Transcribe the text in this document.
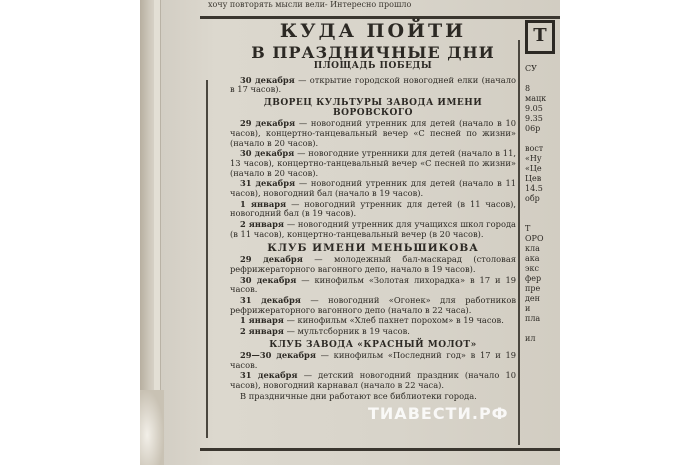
хочу повторять мысли вели- Интересно прошло
КУДА ПОЙТИ
В ПРАЗДНИЧНЫЕ ДНИ
ПЛОЩАДЬ ПОБЕДЫ
30 декабря — открытие городской новогодней елки (начало в 17 часов).
ДВОРЕЦ КУЛЬТУРЫ ЗАВОДА ИМЕНИ ВОРОВСКОГО
29 декабря — новогодний утренник для детей (начало в 10 часов), концертно-танцевальный вечер «С песней по жизни» (начало в 20 часов).
30 декабря — новогодние утренники для детей (начало в 11, 13 часов), концертно-танцевальный вечер «С песней по жизни» (начало в 20 часов).
31 декабря — новогодний утренник для детей (начало в 11 часов), новогодний бал (начало в 19 часов).
1 января — новогодний утренник для детей (в 11 часов), новогодний бал (в 19 часов).
2 января — новогодний утренник для учащихся школ города (в 11 часов), концертно-танцевальный вечер (в 20 часов).
КЛУБ ИМЕНИ МЕНЬШИКОВА
29 декабря — молодежный бал-маскарад (столовая рефрижераторного вагонного депо, начало в 19 часов).
30 декабря — кинофильм «Золотая лихорадка» в 17 и 19 часов.
31 декабря — новогодний «Огонек» для работников рефрижераторного вагонного депо (начало в 22 часа).
1 января — кинофильм «Хлеб пахнет порохом» в 19 часов.
2 января — мультсборник в 19 часов.
КЛУБ ЗАВОДА «КРАСНЫЙ МОЛОТ»
29—30 декабря — кинофильм «Последний год» в 17 и 19 часов.
31 декабря — детский новогодний праздник (начало 10 часов), новогодний карнавал (начало в 22 часа).
В праздничные дни работают все библиотеки города.
Т
СУ

8
мацк
9.05
9.35
06р

вост
«Ну
«Це
Цев
14.5
обр

Т
ОРО
кла
ака
экс
фер
пре
ден
и
пла

ил
ТИАВЕСТИ.РФ
